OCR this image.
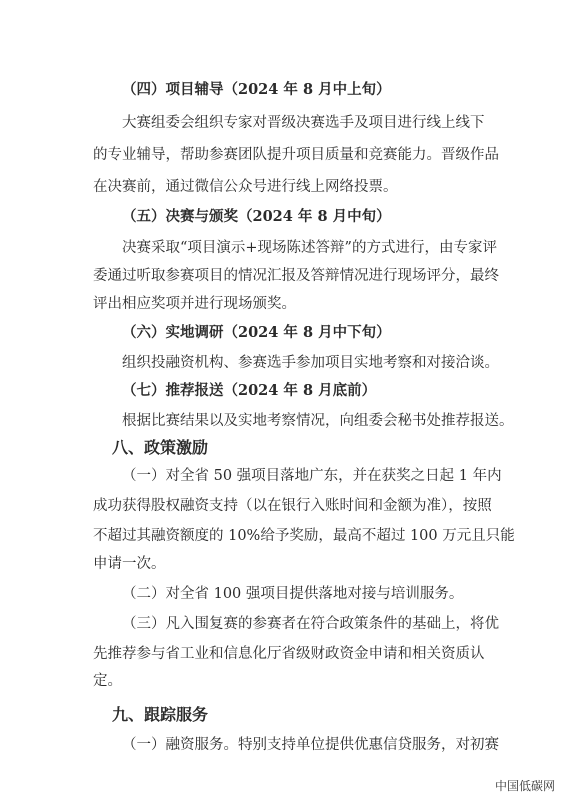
（四）项目辅导（2024 年 8 月中上旬）
大赛组委会组织专家对晋级决赛选手及项目进行线上线下
的专业辅导，帮助参赛团队提升项目质量和竞赛能力。晋级作品
在决赛前，通过微信公众号进行线上网络投票。
（五）决赛与颁奖（2024 年 8 月中旬）
决赛采取“项目演示+现场陈述答辩”的方式进行，由专家评
委通过听取参赛项目的情况汇报及答辩情况进行现场评分，最终
评出相应奖项并进行现场颁奖。
（六）实地调研（2024 年 8 月中下旬）
组织投融资机构、参赛选手参加项目实地考察和对接洽谈。
（七）推荐报送（2024 年 8 月底前）
根据比赛结果以及实地考察情况，向组委会秘书处推荐报送。
八、政策激励
（一）对全省 50 强项目落地广东，并在获奖之日起 1 年内
成功获得股权融资支持（以在银行入账时间和金额为准），按照
不超过其融资额度的 10%给予奖励，最高不超过 100 万元且只能
申请一次。
（二）对全省 100 强项目提供落地对接与培训服务。
（三）凡入围复赛的参赛者在符合政策条件的基础上，将优
先推荐参与省工业和信息化厅省级财政资金申请和相关资质认
定。
九、跟踪服务
（一）融资服务。特别支持单位提供优惠信贷服务，对初赛
中国低碳网
